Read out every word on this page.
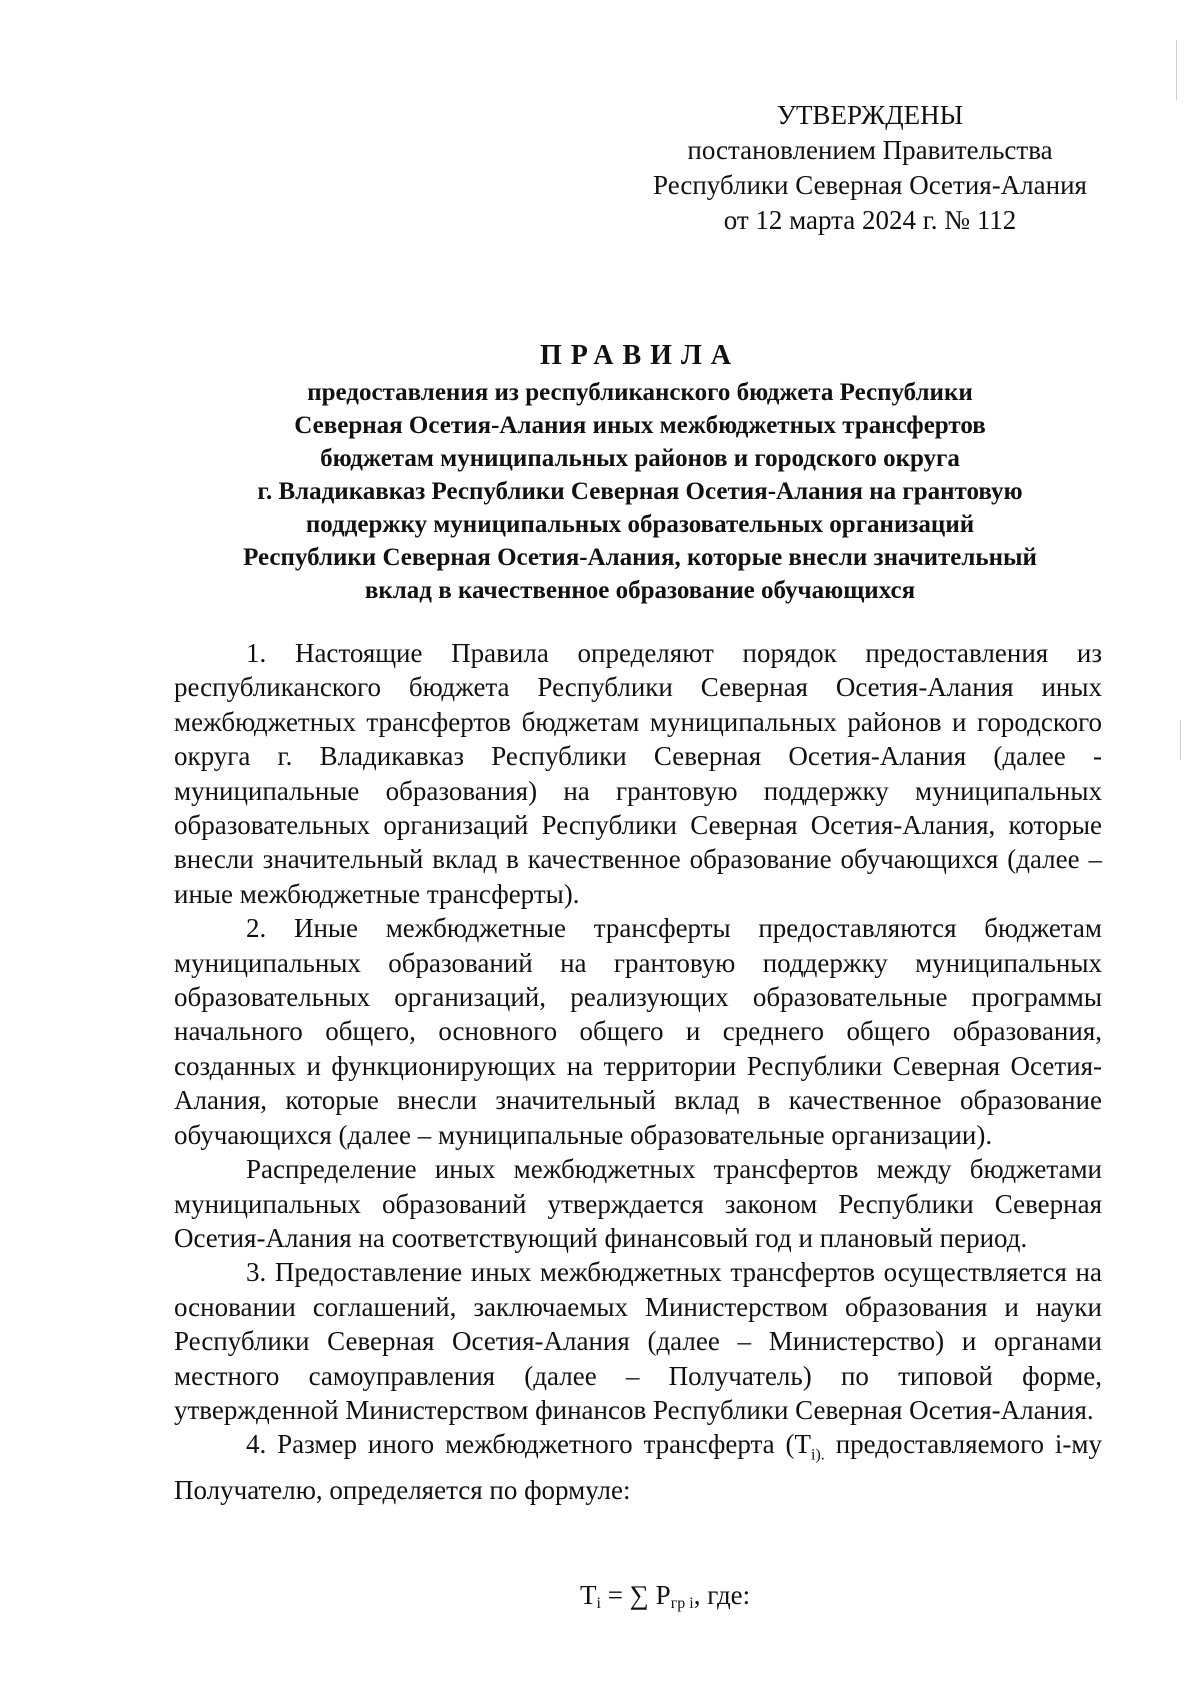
УТВЕРЖДЕНЫ
постановлением Правительства
Республики Северная Осетия-Алания
от 12 марта 2024 г. № 112
ПРАВИЛА
предоставления из республиканского бюджета Республики
Северная Осетия-Алания иных межбюджетных трансфертов
бюджетам муниципальных районов и городского округа
г. Владикавказ Республики Северная Осетия-Алания на грантовую
поддержку муниципальных образовательных организаций
Республики Северная Осетия-Алания, которые внесли значительный
вклад в качественное образование обучающихся

1. Настоящие Правила определяют порядок предоставления из республиканского бюджета Республики Северная Осетия-Алания иных межбюджетных трансфертов бюджетам муниципальных районов и городского округа г. Владикавказ Республики Северная Осетия-Алания (далее - муниципальные образования) на грантовую поддержку муниципальных образовательных организаций Республики Северная Осетия-Алания, которые внесли значительный вклад в качественное образование обучающихся (далее – иные межбюджетные трансферты).

2. Иные межбюджетные трансферты предоставляются бюджетам муниципальных образований на грантовую поддержку муниципальных образовательных организаций, реализующих образовательные программы начального общего, основного общего и среднего общего образования, созданных и функционирующих на территории Республики Северная Осетия-Алания, которые внесли значительный вклад в качественное образование обучающихся (далее – муниципальные образовательные организации).

Распределение иных межбюджетных трансфертов между бюджетами муниципальных образований утверждается законом Республики Северная Осетия-Алания на соответствующий финансовый год и плановый период.

3. Предоставление иных межбюджетных трансфертов осуществляется на основании соглашений, заключаемых Министерством образования и науки Республики Северная Осетия-Алания (далее – Министерство) и органами местного самоуправления (далее – Получатель) по типовой форме, утвержденной Министерством финансов Республики Северная Осетия-Алания.

4. Размер иного межбюджетного трансферта ($Т_{i).}$ предоставляемого i-му Получателю, определяется по формуле:

$Т_i$ = ∑ $Р_{гр i}$, где:
